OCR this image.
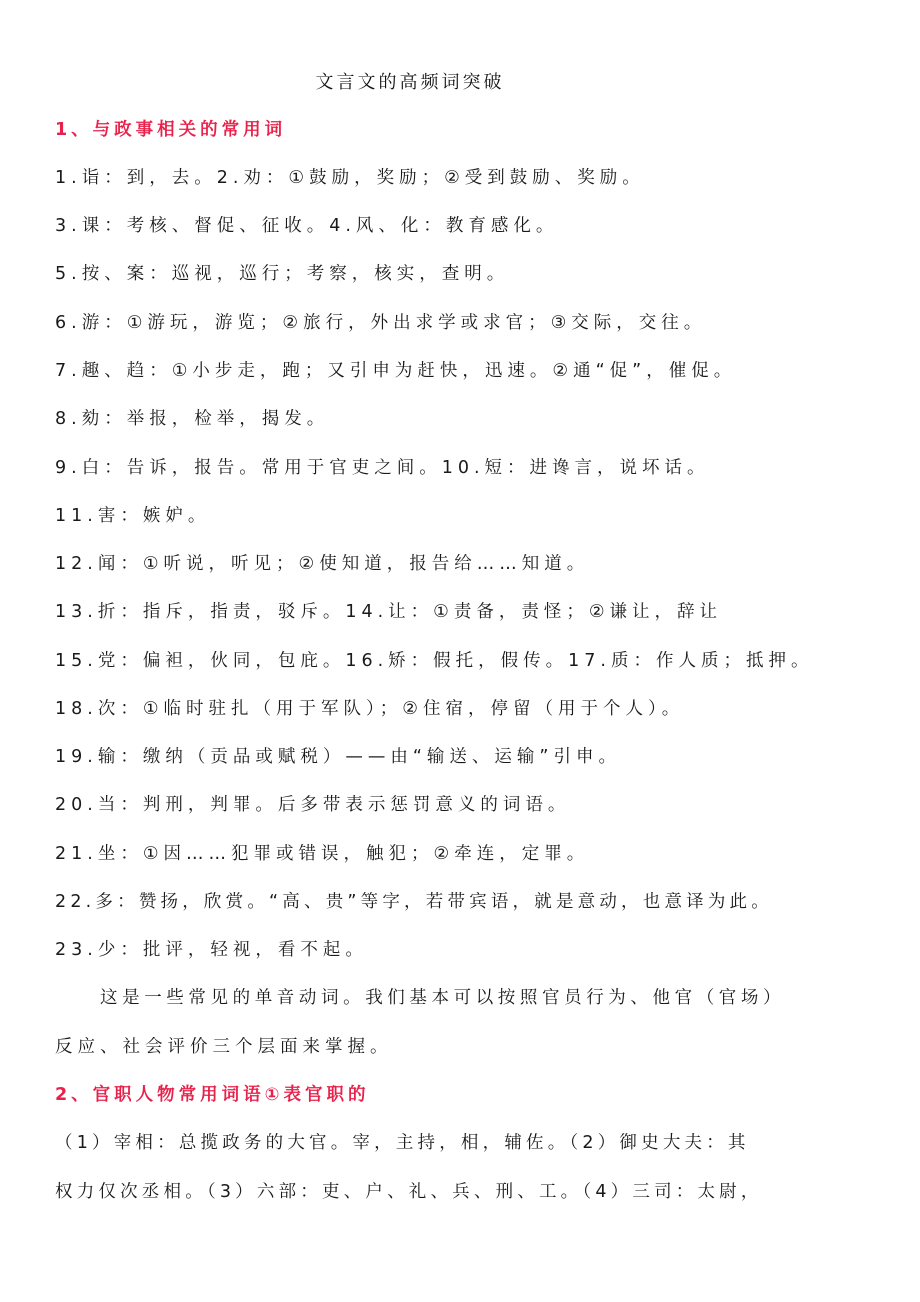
文言文的高频词突破
1、与政事相关的常用词
1.诣：到，去。2.劝：①鼓励，奖励；②受到鼓励、奖励。
3.课：考核、督促、征收。4.风、化：教育感化。
5.按、案：巡视，巡行；考察，核实，查明。
6.游：①游玩，游览；②旅行，外出求学或求官；③交际，交往。
7.趣、趋：①小步走，跑；又引申为赶快，迅速。②通“促”，催促。
8.劾：举报，检举，揭发。
9.白：告诉，报告。常用于官吏之间。10.短：进谗言，说坏话。
11.害：嫉妒。
12.闻：①听说，听见；②使知道，报告给……知道。
13.折：指斥，指责，驳斥。14.让：①责备，责怪；②谦让，辞让
15.党：偏袒，伙同，包庇。16.矫：假托，假传。17.质：作人质；抵押。
18.次：①临时驻扎（用于军队）；②住宿，停留（用于个人）。
19.输：缴纳（贡品或赋税）——由“输送、运输”引申。
20.当：判刑，判罪。后多带表示惩罚意义的词语。
21.坐：①因……犯罪或错误，触犯；②牵连，定罪。
22.多：赞扬，欣赏。“高、贵”等字，若带宾语，就是意动，也意译为此。
23.少：批评，轻视，看不起。
这是一些常见的单音动词。我们基本可以按照官员行为、他官（官场）
反应、社会评价三个层面来掌握。
2、官职人物常用词语①表官职的
（1）宰相：总揽政务的大官。宰，主持，相，辅佐。（2）御史大夫：其
权力仅次丞相。（3）六部：吏、户、礼、兵、刑、工。（4）三司：太尉，
